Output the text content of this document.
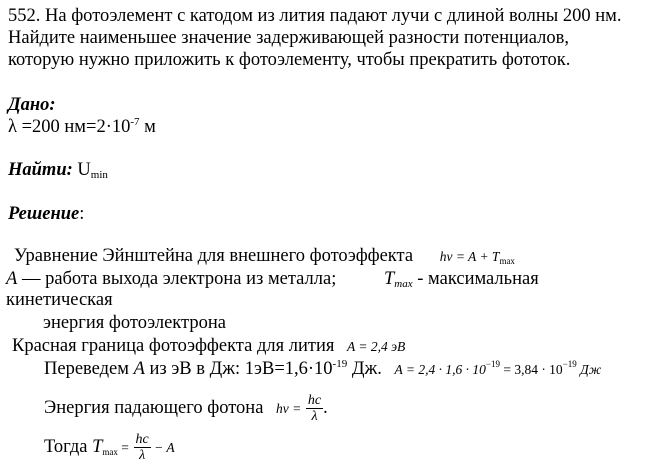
552. На фотоэлемент с катодом из лития падают лучи с длиной волны 200 нм.
Найдите наименьшее значение задерживающей разности потенциалов,
которую нужно приложить к фотоэлементу, чтобы прекратить фототок.
Дано:
λ =200 $нм=2\cdot 10^{-7}$ м
Найти: $U_{min}$
Решение:
Уравнение Эйнштейна для внешнего фотоэффекта hv = $A + T_{max}$
A — работа выхода электрона из металла;	$T_{max}$ - максимальная
кинетическая
энергия фотоэлектрона
Красная граница фотоэффекта для лития A = 2,4 эВ
Переведем A из эВ в Дж: $1эВ=1,6\cdot 10^{-19}$ Дж. $A = 2,4 \cdot 1,6 \cdot 10^{-19} = 3,84 \cdot 10^{-19}$ Дж
Энергия падающего фотона hv = $\frac{hc}{\lambda}$ .
Тогда $T_{max} = \frac{hc}{\lambda} - A$
